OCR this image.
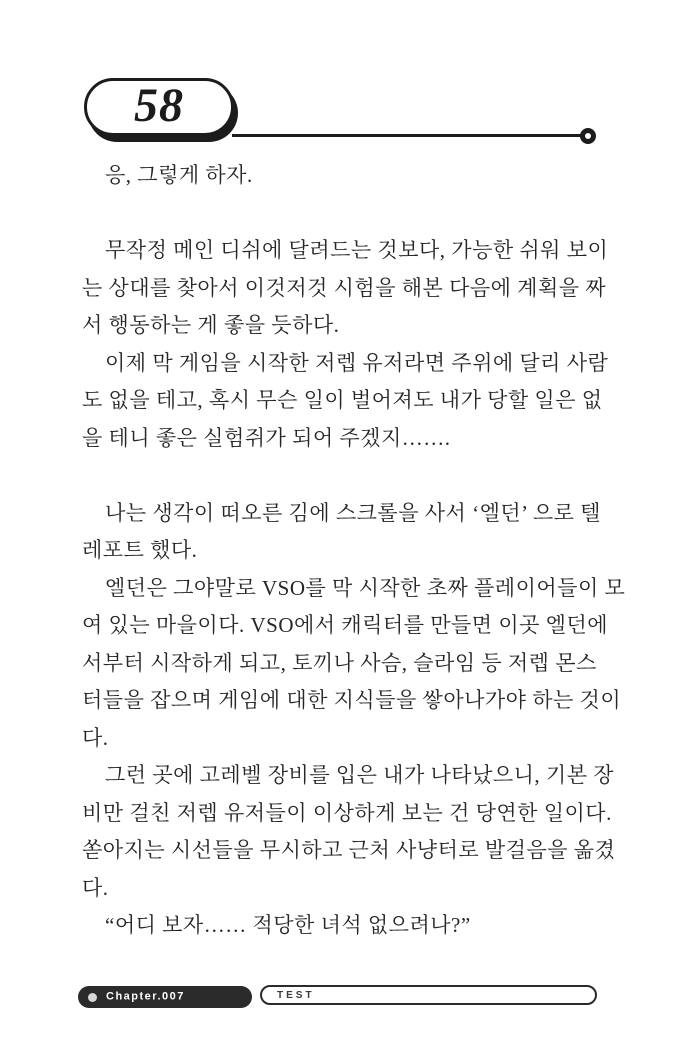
58
응, 그렇게 하자.
무작정 메인 디쉬에 달려드는 것보다, 가능한 쉬워 보이
는 상대를 찾아서 이것저것 시험을 해본 다음에 계획을 짜
서 행동하는 게 좋을 듯하다.
이제 막 게임을 시작한 저렙 유저라면 주위에 달리 사람
도 없을 테고, 혹시 무슨 일이 벌어져도 내가 당할 일은 없
을 테니 좋은 실험쥐가 되어 주겠지…….
나는 생각이 떠오른 김에 스크롤을 사서 ‘엘던’ 으로 텔
레포트 했다.
엘던은 그야말로 VSO를 막 시작한 초짜 플레이어들이 모
여 있는 마을이다. VSO에서 캐릭터를 만들면 이곳 엘던에
서부터 시작하게 되고, 토끼나 사슴, 슬라임 등 저렙 몬스
터들을 잡으며 게임에 대한 지식들을 쌓아나가야 하는 것이
다.
그런 곳에 고레벨 장비를 입은 내가 나타났으니, 기본 장
비만 걸친 저렙 유저들이 이상하게 보는 건 당연한 일이다.
쏟아지는 시선들을 무시하고 근처 사냥터로 발걸음을 옮겼
다.
“어디 보자…… 적당한 녀석 없으려나?”
Chapter.007	TEST
